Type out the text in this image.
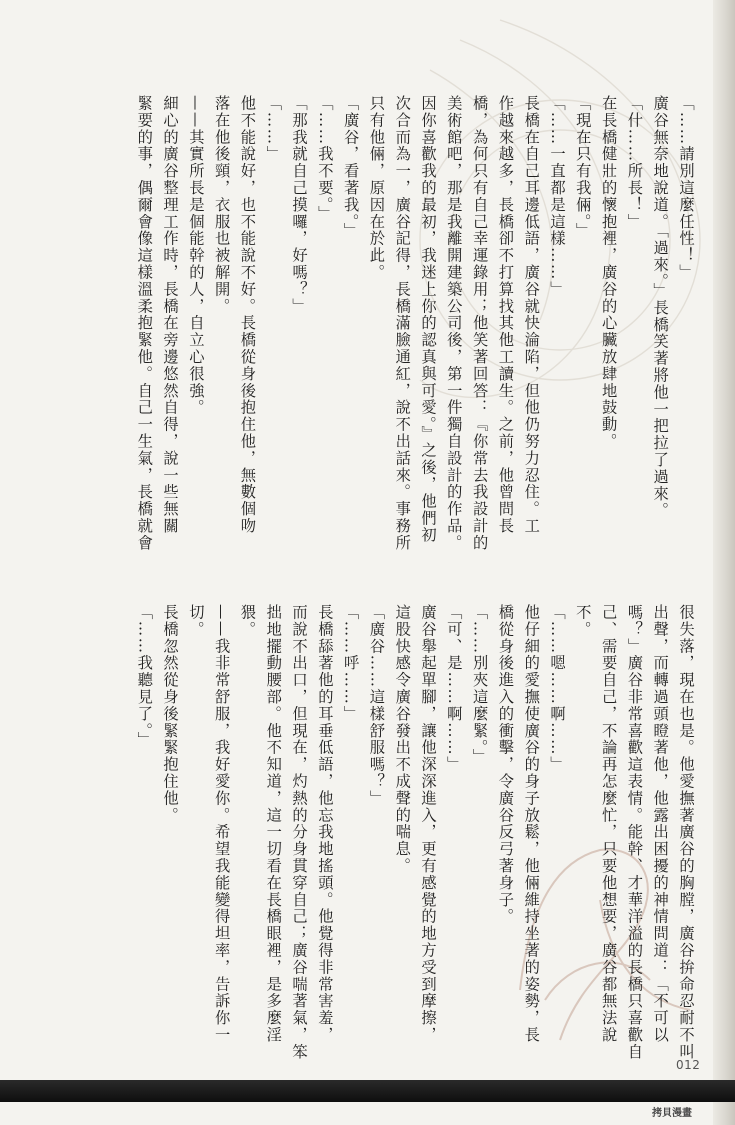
「……請別這麼任性！」
廣谷無奈地說道。「過來。」長橋笑著將他一把拉了過來。
「什……所長！」
在長橋健壯的懷抱裡，廣谷的心臟放肆地鼓動。
「現在只有我倆。」
「……一直都是這樣……」
長橋在自己耳邊低語，廣谷就快淪陷，但他仍努力忍住。工
作越來越多，長橋卻不打算找其他工讀生。之前，他曾問長
橋，為何只有自己幸運錄用；他笑著回答：『你常去我設計的
美術館吧，那是我離開建築公司後，第一件獨自設計的作品。
因你喜歡我的最初，我迷上你的認真與可愛。』之後，他們初
次合而為一，廣谷記得，長橋滿臉通紅，說不出話來。事務所
只有他倆，原因在於此。
「廣谷，看著我。」
「……我不要。」
「那我就自己摸囉，好嗎？」
「……」
他不能說好，也不能說不好。長橋從身後抱住他，無數個吻
落在他後頸，衣服也被解開。
——其實所長是個能幹的人，自立心很強。
細心的廣谷整理工作時，長橋在旁邊悠然自得，說一些無關
緊要的事，偶爾會像這樣溫柔抱緊他。自己一生氣，長橋就會
很失落，現在也是。他愛撫著廣谷的胸膛，廣谷拚命忍耐不叫
出聲，而轉過頭瞪著他，他露出困擾的神情問道：「不可以
嗎？」廣谷非常喜歡這表情。能幹、才華洋溢的長橋只喜歡自
己、需要自己，不論再怎麼忙，只要他想要，廣谷都無法說
不。
「……嗯……啊……」
他仔細的愛撫使廣谷的身子放鬆，他倆維持坐著的姿勢，長
橋從身後進入的衝擊，令廣谷反弓著身子。
「……別夾這麼緊。」
「可、是……啊……」
廣谷舉起單腳，讓他深深進入，更有感覺的地方受到摩擦，
這股快感令廣谷發出不成聲的喘息。
「廣谷……這樣舒服嗎？」
「……呼……」
長橋舔著他的耳垂低語，他忘我地搖頭。他覺得非常害羞，
而說不出口，但現在，灼熱的分身貫穿自己；廣谷喘著氣，笨
拙地擺動腰部。他不知道，這一切看在長橋眼裡，是多麼淫
猥。
——我非常舒服，我好愛你。希望我能變得坦率，告訴你一
切。
長橋忽然從身後緊緊抱住他。
「……我聽見了。」
012
拷貝漫畫
